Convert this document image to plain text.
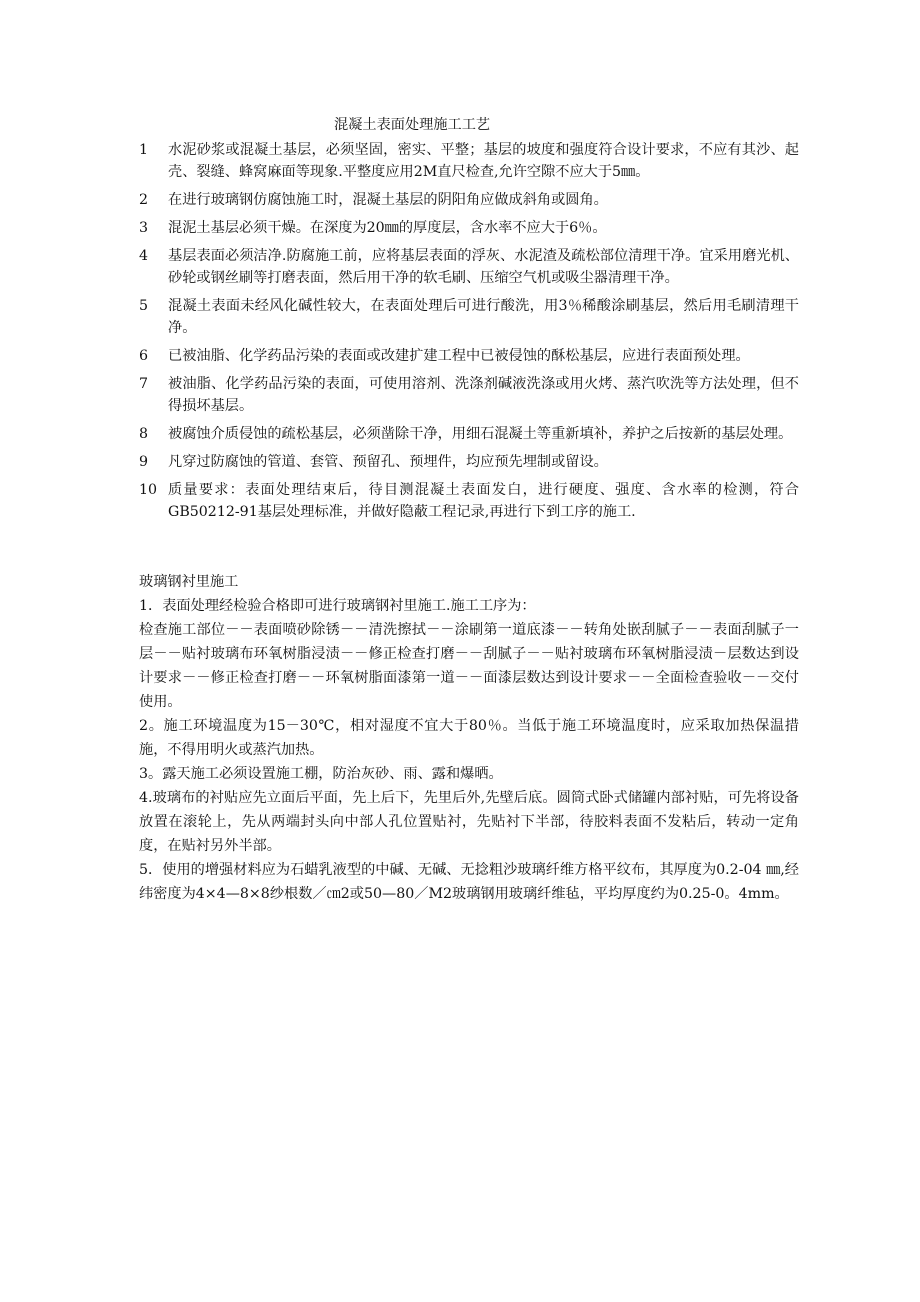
混凝土表面处理施工工艺
1	水泥砂浆或混凝土基层，必须坚固，密实、平整；基层的坡度和强度符合设计要求，不应有其沙、起壳、裂缝、蜂窝麻面等现象.平整度应用2M直尺检查,允许空隙不应大于5㎜。
2	在进行玻璃钢仿腐蚀施工时，混凝土基层的阴阳角应做成斜角或圆角。
3	混泥土基层必须干燥。在深度为20㎜的厚度层，含水率不应大于6％。
4	基层表面必须洁净.防腐施工前，应将基层表面的浮灰、水泥渣及疏松部位清理干净。宜采用磨光机、砂轮或钢丝刷等打磨表面，然后用干净的软毛刷、压缩空气机或吸尘器清理干净。
5	混凝土表面未经风化碱性较大，在表面处理后可进行酸洗，用3％稀酸涂刷基层，然后用毛刷清理干净。
6	已被油脂、化学药品污染的表面或改建扩建工程中已被侵蚀的酥松基层，应进行表面预处理。
7	被油脂、化学药品污染的表面，可使用溶剂、洗涤剂碱液洗涤或用火烤、蒸汽吹洗等方法处理，但不得损坏基层。
8	被腐蚀介质侵蚀的疏松基层，必须凿除干净，用细石混凝土等重新填补，养护之后按新的基层处理。
9	凡穿过防腐蚀的管道、套管、预留孔、预埋件，均应预先埋制或留设。
10 质量要求：表面处理结束后，待目测混凝土表面发白，进行硬度、强度、含水率的检测，符合GB50212-91基层处理标准，并做好隐蔽工程记录,再进行下到工序的施工.
玻璃钢衬里施工
1．表面处理经检验合格即可进行玻璃钢衬里施工.施工工序为：
检查施工部位－－表面喷砂除锈－－清洗擦拭－－涂刷第一道底漆－－转角处嵌刮腻子－－表面刮腻子一层－－贴衬玻璃布环氧树脂浸渍－－修正检查打磨－－刮腻子－－贴衬玻璃布环氧树脂浸渍－层数达到设计要求－－修正检查打磨－－环氧树脂面漆第一道－－面漆层数达到设计要求－－全面检查验收－－交付使用。
2。施工环境温度为15－30℃，相对湿度不宜大于80％。当低于施工环境温度时，应采取加热保温措施，不得用明火或蒸汽加热。
3。露天施工必须设置施工棚，防治灰砂、雨、露和爆晒。
4.玻璃布的衬贴应先立面后平面，先上后下，先里后外,先壁后底。圆筒式卧式储罐内部衬贴，可先将设备放置在滚轮上，先从两端封头向中部人孔位置贴衬，先贴衬下半部，待胶料表面不发粘后，转动一定角度，在贴衬另外半部。
5．使用的增强材料应为石蜡乳液型的中碱、无碱、无捻粗沙玻璃纤维方格平纹布，其厚度为0.2-04 ㎜,经纬密度为4×4—8×8纱根数／㎝2或50—80／M2玻璃钢用玻璃纤维毡，平均厚度约为0.25-0。4mm。
